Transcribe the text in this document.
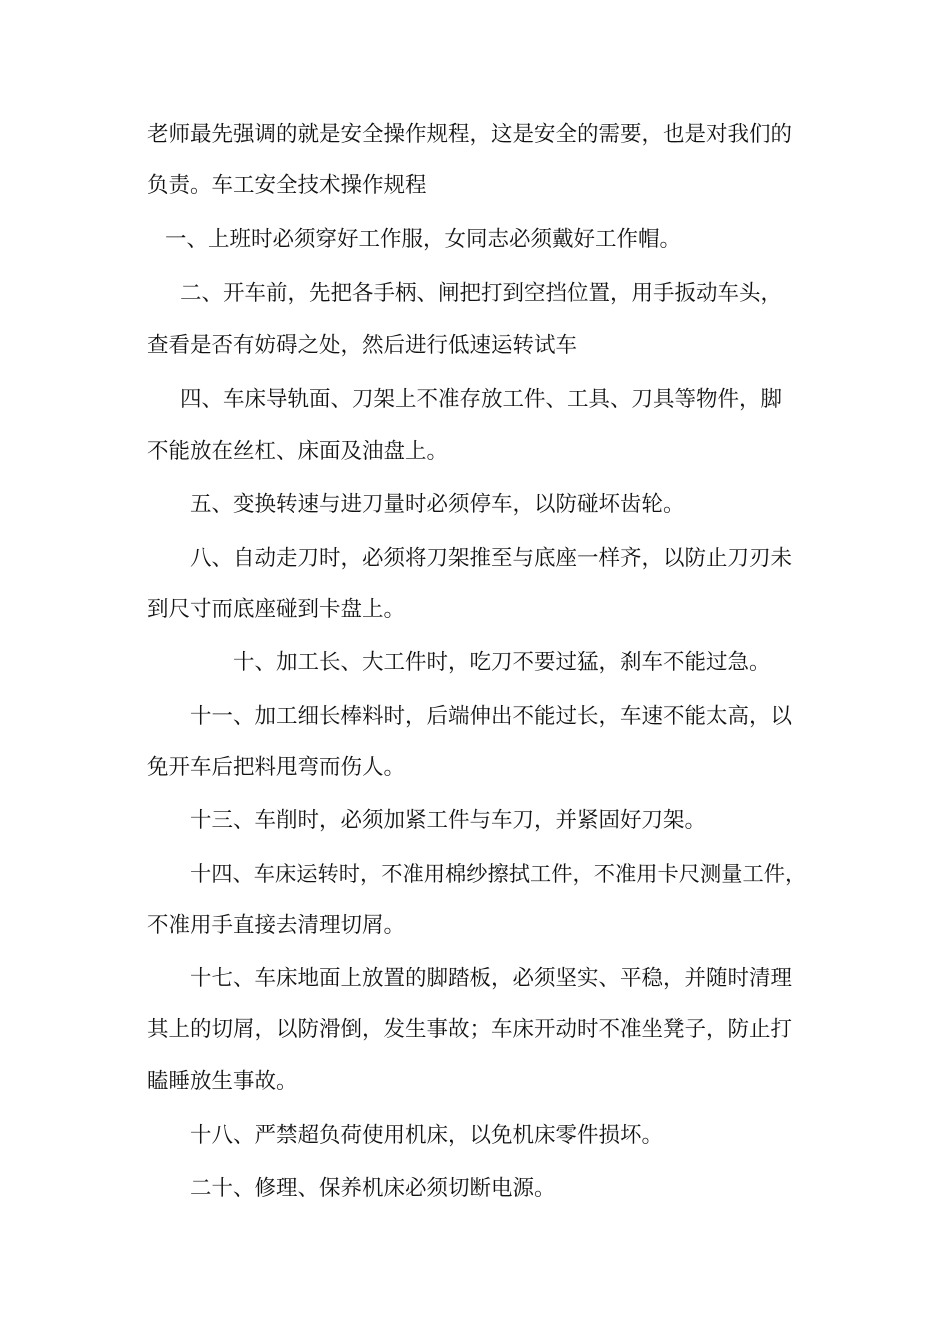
老师最先强调的就是安全操作规程，这是安全的需要，也是对我们的
负责。车工安全技术操作规程
一、上班时必须穿好工作服，女同志必须戴好工作帽。
二、开车前，先把各手柄、闸把打到空挡位置，用手扳动车头，
查看是否有妨碍之处，然后进行低速运转试车
四、车床导轨面、刀架上不准存放工件、工具、刀具等物件，脚
不能放在丝杠、床面及油盘上。
五、变换转速与进刀量时必须停车，以防碰坏齿轮。
八、自动走刀时，必须将刀架推至与底座一样齐，以防止刀刃未
到尺寸而底座碰到卡盘上。
十、加工长、大工件时，吃刀不要过猛，刹车不能过急。
十一、加工细长棒料时，后端伸出不能过长，车速不能太高，以
免开车后把料甩弯而伤人。
十三、车削时，必须加紧工件与车刀，并紧固好刀架。
十四、车床运转时，不准用棉纱擦拭工件，不准用卡尺测量工件，
不准用手直接去清理切屑。
十七、车床地面上放置的脚踏板，必须坚实、平稳，并随时清理
其上的切屑，以防滑倒，发生事故；车床开动时不准坐凳子，防止打
瞌睡放生事故。
十八、严禁超负荷使用机床，以免机床零件损坏。
二十、修理、保养机床必须切断电源。
